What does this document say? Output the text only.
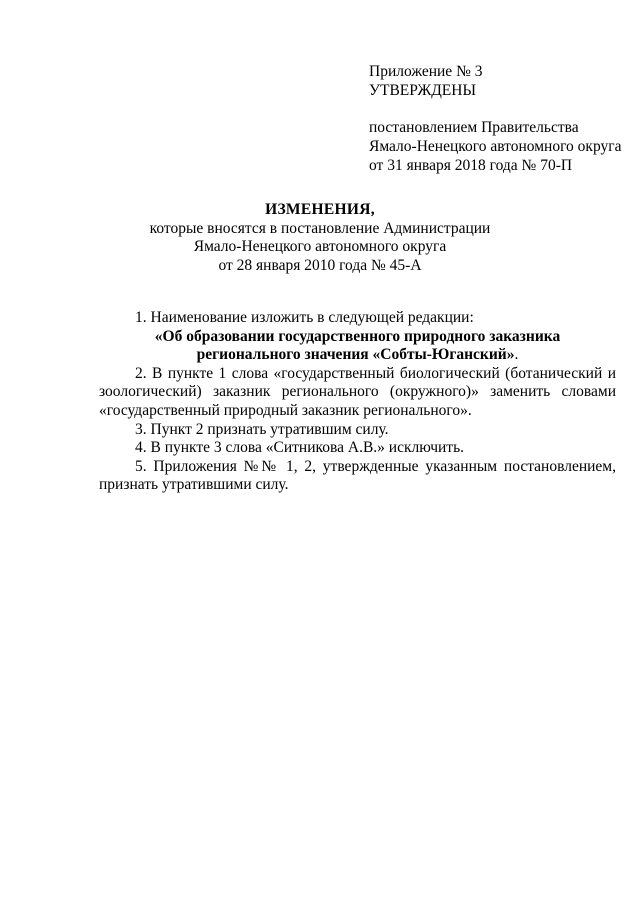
Приложение № 3
УТВЕРЖДЕНЫ
постановлением Правительства
Ямало-Ненецкого автономного округа
от 31 января 2018 года № 70-П
ИЗМЕНЕНИЯ,
которые вносятся в постановление Администрации
Ямало-Ненецкого автономного округа
от 28 января 2010 года № 45-А

1. Наименование изложить в следующей редакции:

«Об образовании государственного природного заказника
регионального значения «Собты-Юганский».

2. В пункте 1 слова «государственный биологический (ботанический и зоологический) заказник регионального (окружного)» заменить словами «государственный природный заказник регионального».

3. Пункт 2 признать утратившим силу.

4. В пункте 3 слова «Ситникова А.В.» исключить.

5. Приложения №№ 1, 2, утвержденные указанным постановлением, признать утратившими силу.
